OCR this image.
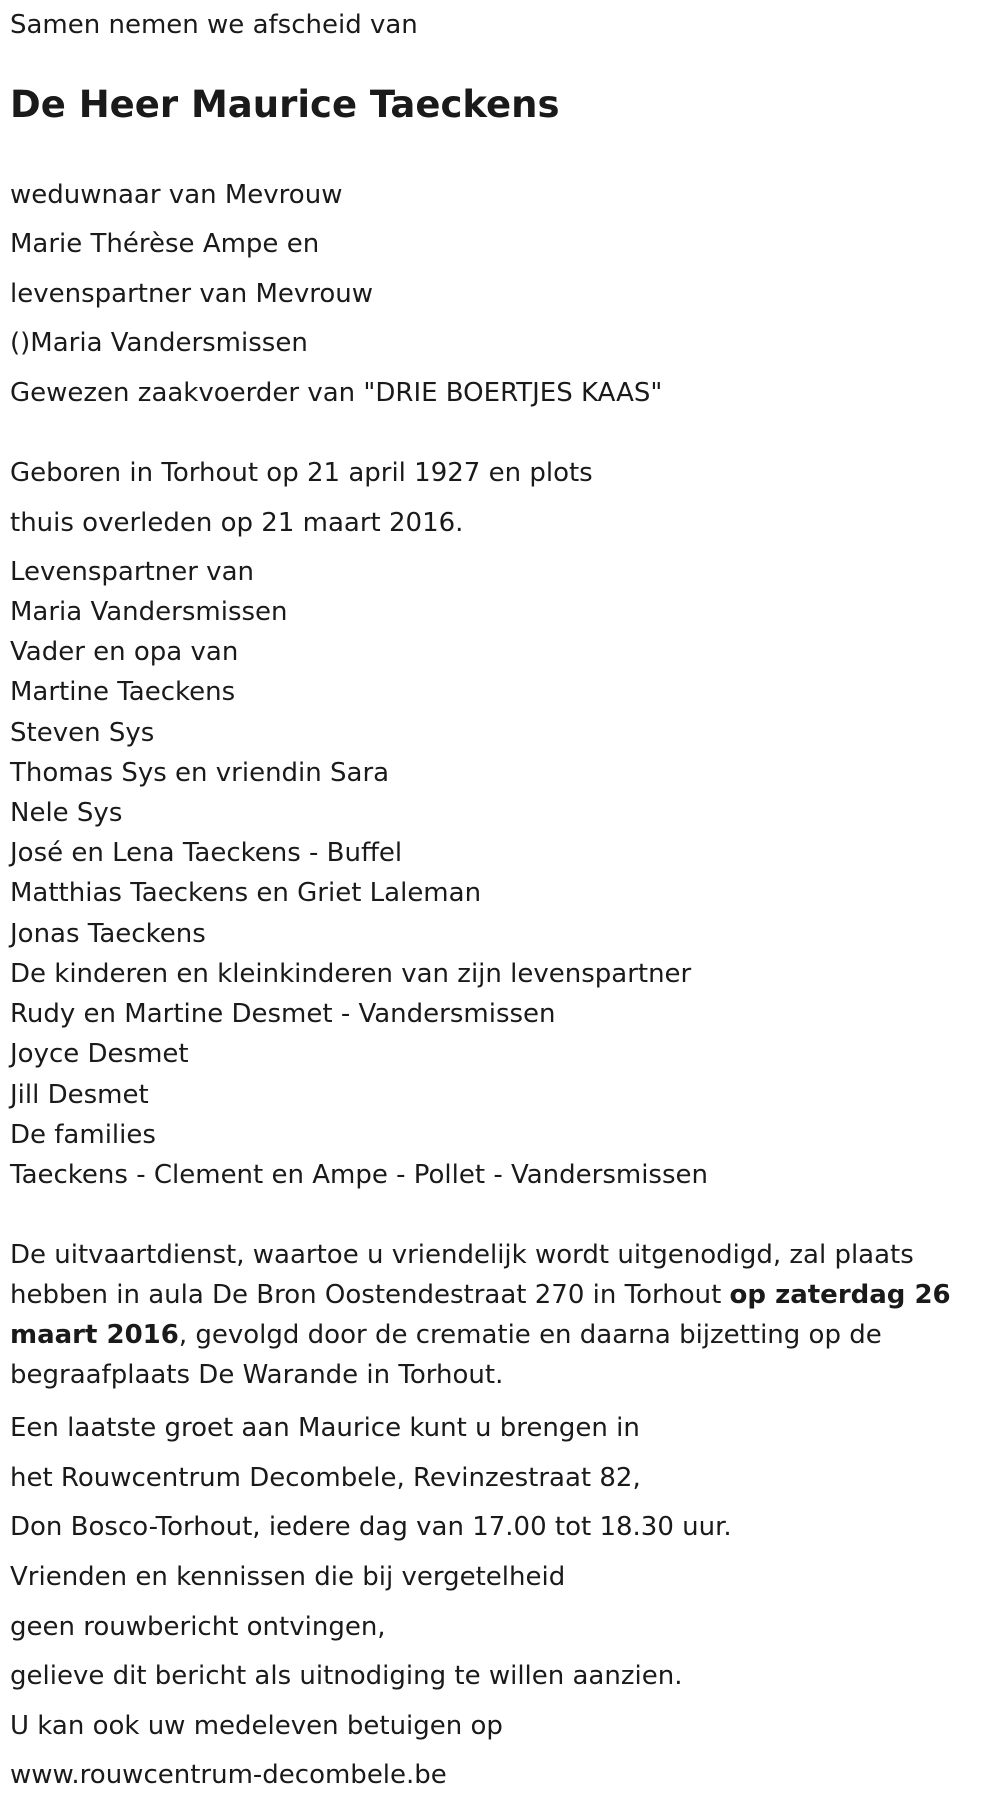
Samen nemen we afscheid van

De Heer Maurice Taeckens

weduwnaar van Mevrouw

Marie Thérèse Ampe en

levenspartner van Mevrouw

()Maria Vandersmissen

Gewezen zaakvoerder van "DRIE BOERTJES KAAS"

Geboren in Torhout op 21 april 1927 en plots

thuis overleden op 21 maart 2016.

Levenspartner van

Maria Vandersmissen

Vader en opa van

Martine Taeckens

Steven Sys

Thomas Sys en vriendin Sara

Nele Sys

José en Lena Taeckens - Buffel

Matthias Taeckens en Griet Laleman

Jonas Taeckens

De kinderen en kleinkinderen van zijn levenspartner

Rudy en Martine Desmet - Vandersmissen

Joyce Desmet

Jill Desmet

De families

Taeckens - Clement en Ampe - Pollet - Vandersmissen

De uitvaartdienst, waartoe u vriendelijk wordt uitgenodigd, zal plaats hebben in aula De Bron Oostendestraat 270 in Torhout op zaterdag 26 maart 2016, gevolgd door de crematie en daarna bijzetting op de begraafplaats De Warande in Torhout.

Een laatste groet aan Maurice kunt u brengen in

het Rouwcentrum Decombele, Revinzestraat 82,

Don Bosco-Torhout, iedere dag van 17.00 tot 18.30 uur.

Vrienden en kennissen die bij vergetelheid

geen rouwbericht ontvingen,

gelieve dit bericht als uitnodiging te willen aanzien.

U kan ook uw medeleven betuigen op

www.rouwcentrum-decombele.be
